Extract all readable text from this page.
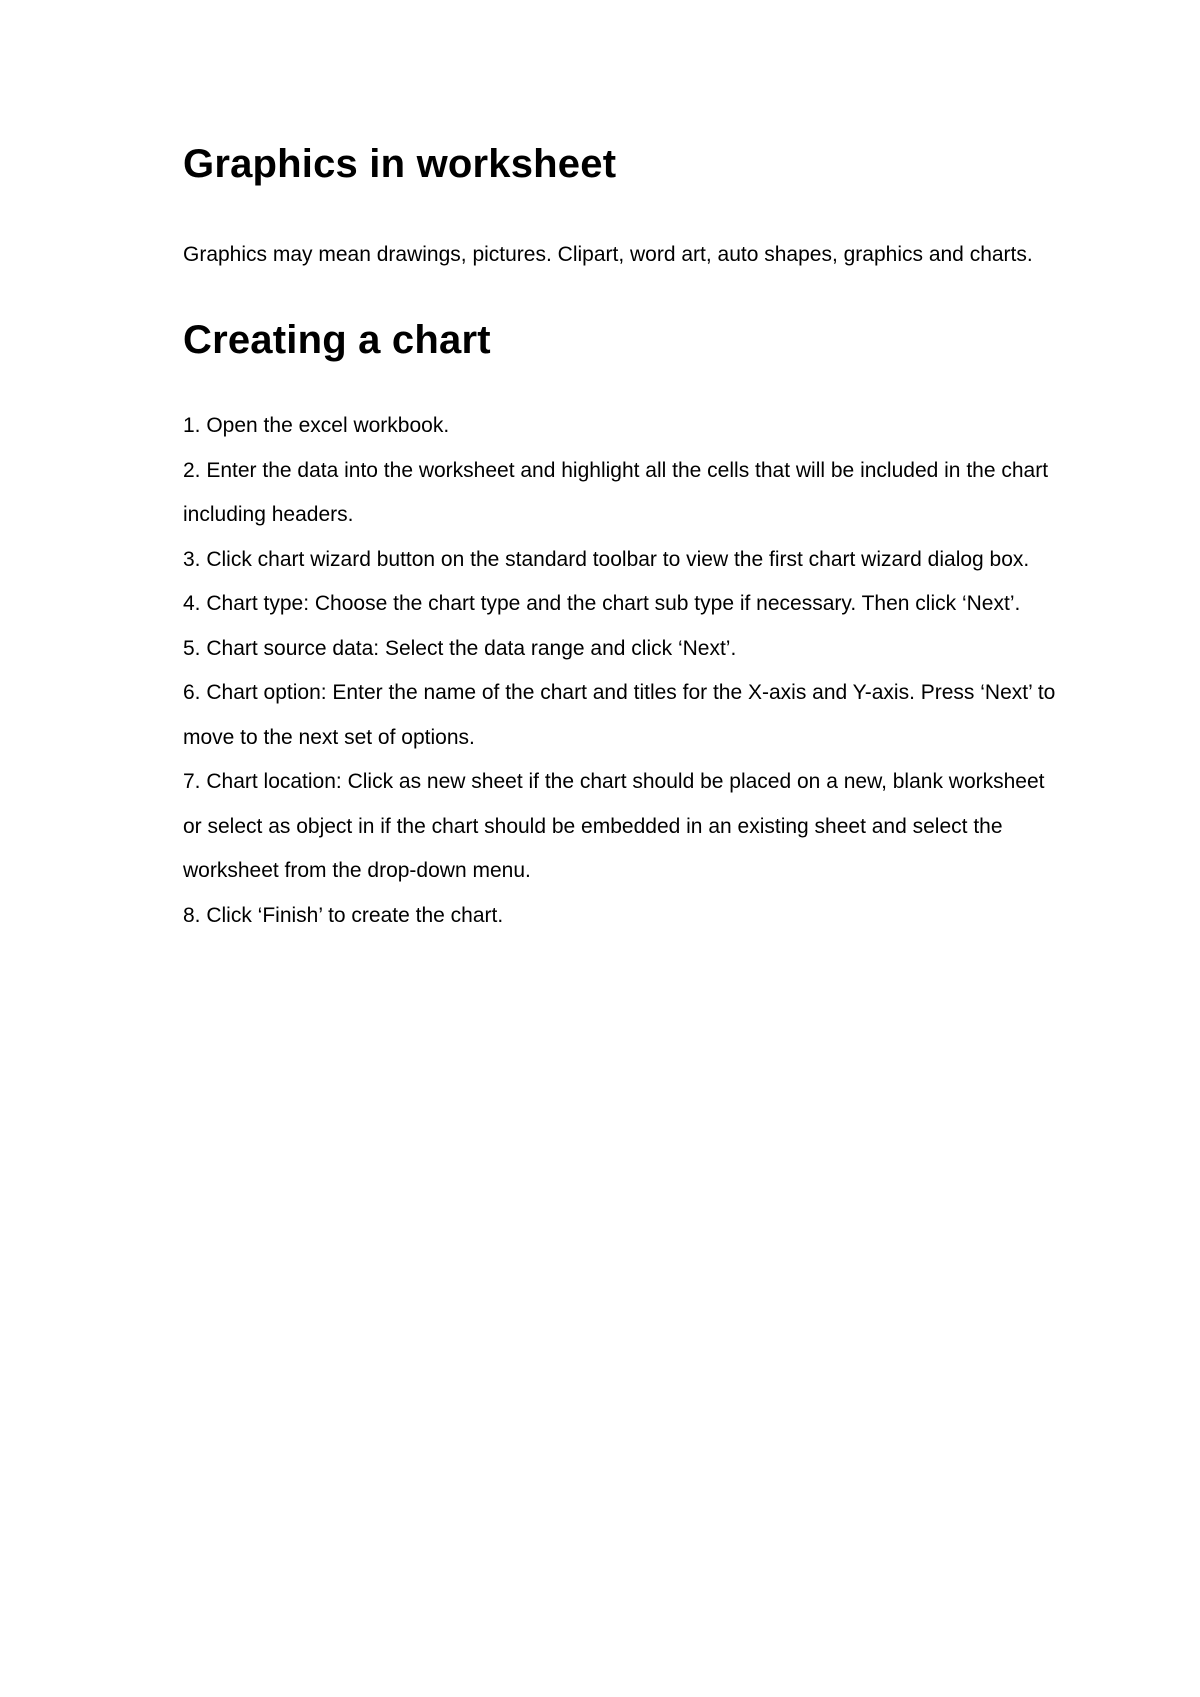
Graphics in worksheet

Graphics may mean drawings, pictures. Clipart, word art, auto shapes, graphics and charts.

Creating a chart

1. Open the excel workbook.

2. Enter the data into the worksheet and highlight all the cells that will be included in the chart including headers.

3. Click chart wizard button on the standard toolbar to view the first chart wizard dialog box.

4. Chart type: Choose the chart type and the chart sub type if necessary. Then click ‘Next’.

5. Chart source data: Select the data range and click ‘Next’.

6. Chart option: Enter the name of the chart and titles for the X-axis and Y-axis. Press ‘Next’ to move to the next set of options.

7. Chart location: Click as new sheet if the chart should be placed on a new, blank worksheet or select as object in if the chart should be embedded in an existing sheet and select the worksheet from the drop-down menu.

8. Click ‘Finish’ to create the chart.
